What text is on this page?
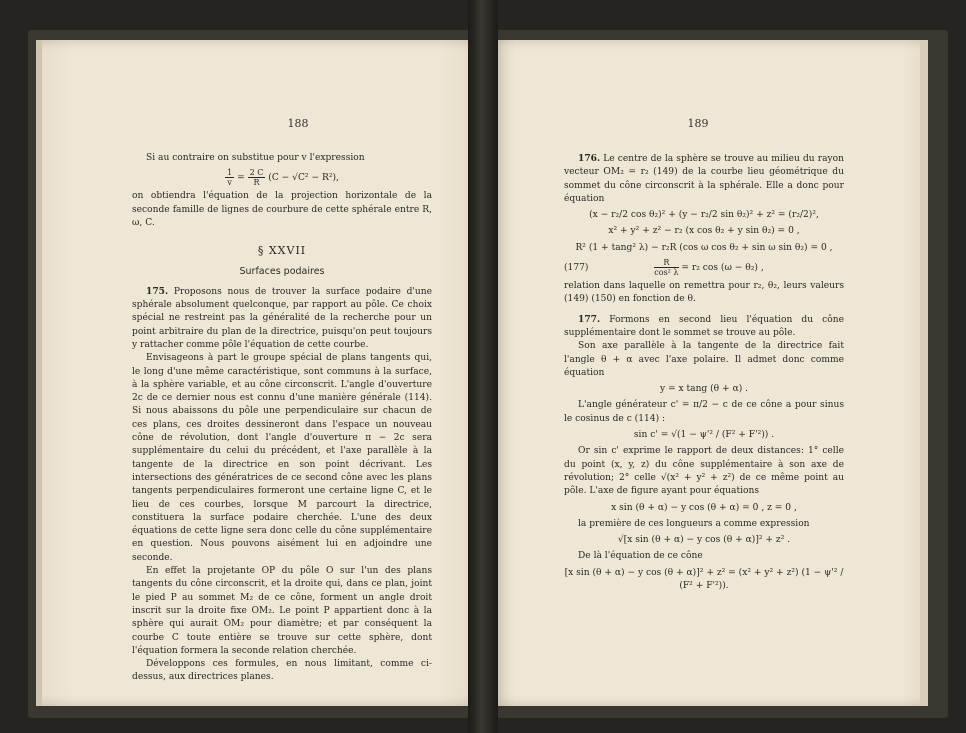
188

Si au contraire on substitue pour v l'expression

$\frac{1}{v} = \frac{2 C}{R} (C - √C^2 - R^2)$,

on obtiendra l'équation de la projection horizontale de la seconde famille de lignes de courbure de cette sphérale entre R, ω, C.

§ XXVII
Surfaces podaires

175. Proposons nous de trouver la surface podaire d'une sphérale absolument quelconque, par rapport au pôle. Ce choix spécial ne restreint pas la généralité de la recherche pour un point arbitraire du plan de la directrice, puisqu'on peut toujours y rattacher comme pôle l'équation de cette courbe.

Envisageons à part le groupe spécial de plans tangents qui, le long d'une même caractéristique, sont communs à la surface, à la sphère variable, et au cône circonscrit. L'angle d'ouverture 2c de ce dernier nous est connu d'une manière générale (114). Si nous abaissons du pôle une perpendiculaire sur chacun de ces plans, ces droites dessineront dans l'espace un nouveau cône de révolution, dont l'angle d'ouverture π − 2c sera supplémentaire du celui du précédent, et l'axe parallèle à la tangente de la directrice en son point décrivant. Les intersections des génératrices de ce second cône avec les plans tangents perpendiculaires formeront une certaine ligne C, et le lieu de ces courbes, lorsque M parcourt la directrice, constituera la surface podaire cherchée. L'une des deux équations de cette ligne sera donc celle du cône supplémentaire en question. Nous pouvons aisément lui en adjoindre une seconde.

En effet la projetante OP du pôle O sur l'un des plans tangents du cône circonscrit, et la droite qui, dans ce plan, joint le pied P au sommet M₂ de ce cône, forment un angle droit inscrit sur la droite fixe OM₂. Le point P appartient donc à la sphère qui aurait OM₂ pour diamètre; et par conséquent la courbe C toute entière se trouve sur cette sphère, dont l'équation formera la seconde relation cherchée.

Développons ces formules, en nous limitant, comme ci-dessus, aux directrices planes.

189

176. Le centre de la sphère se trouve au milieu du rayon vecteur OM₂ = r₂ (149) de la courbe lieu géométrique du sommet du cône circonscrit à la sphérale. Elle a donc pour équation

(x − r₂/2 cos θ₂)² + (y − r₂/2 sin θ₂)² + z² = (r₂/2)²,
x² + y² + z² − r₂ (x cos θ₂ + y sin θ₂) = 0 ,
R² (1 + tang² λ) − r₂R (cos ω cos θ₂ + sin ω sin θ₂) = 0 ,
(177)	$\frac{R}{\text{cos² λ}} = r_2$ cos (ω − θ₂) ,

relation dans laquelle on remettra pour r₂, θ₂, leurs valeurs (149) (150) en fonction de θ.

177. Formons en second lieu l'équation du cône supplémentaire dont le sommet se trouve au pôle.

Son axe parallèle à la tangente de la directrice fait l'angle θ + α avec l'axe polaire. Il admet donc comme équation

y = x tang (θ + α) .

L'angle générateur c' = π/2 − c de ce cône a pour sinus le cosinus de c (114) :

sin c' = √(1 − ψ'² / (F² + F'²)) .

Or sin c' exprime le rapport de deux distances: 1° celle du point (x, y, z) du cône supplémentaire à son axe de révolution; 2° celle √(x² + y² + z²) de ce même point au pôle. L'axe de figure ayant pour équations

x sin (θ + α) − y cos (θ + α) = 0 , z = 0 ,

la première de ces longueurs a comme expression

√[x sin (θ + α) − y cos (θ + α)]² + z² .

De là l'équation de ce cône

[x sin (θ + α) − y cos (θ + α)]² + z² = (x² + y² + z²) (1 − ψ'² / (F² + F'²)).
